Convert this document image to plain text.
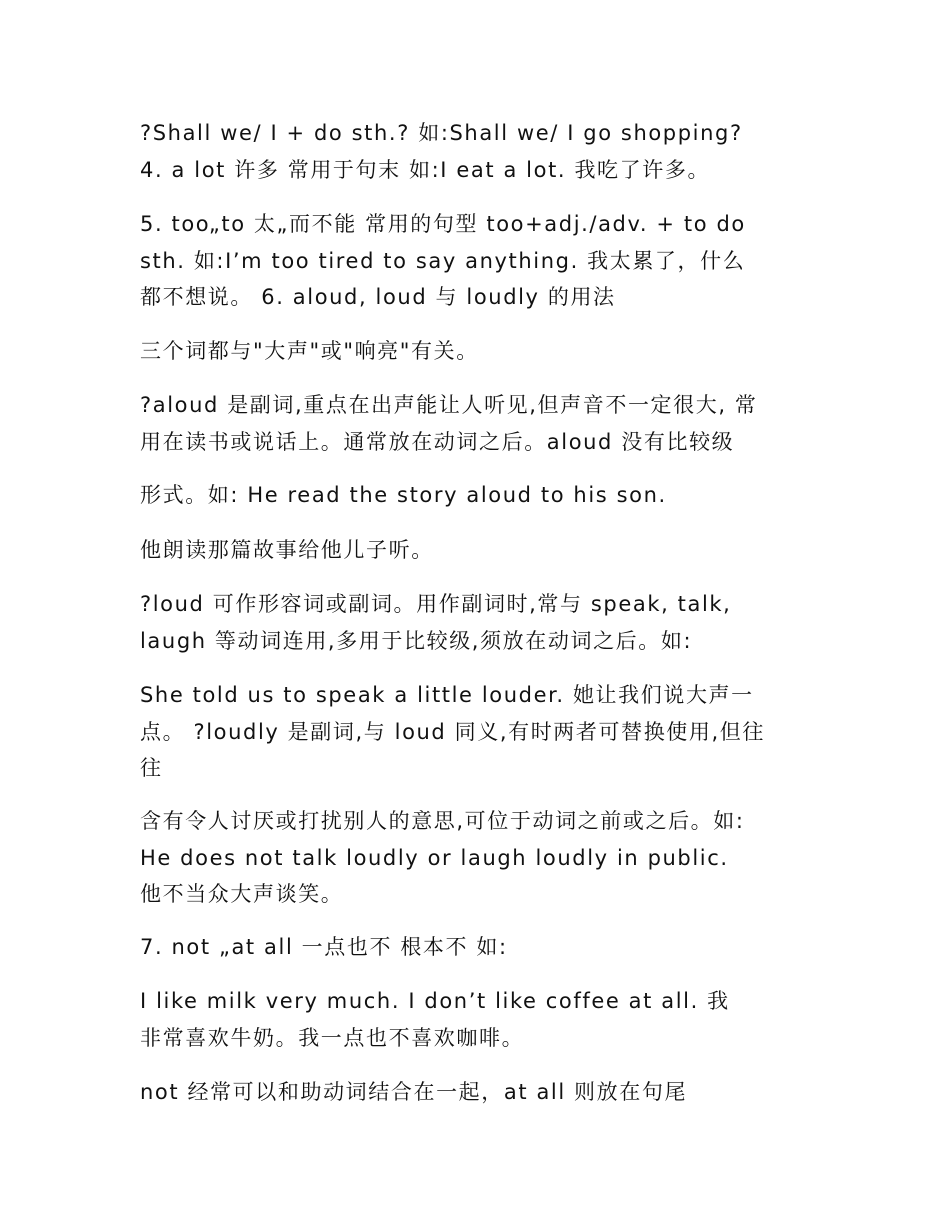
?Shall we/ I + do sth.? 如:Shall we/ I go shopping?
4. a lot 许多 常用于句末 如:I eat a lot. 我吃了许多。

5. too„to 太„而不能 常用的句型 too+adj./adv. + to do
sth. 如:I’m too tired to say anything. 我太累了，什么
都不想说。 6. aloud, loud 与 loudly 的用法

三个词都与"大声"或"响亮"有关。

?aloud 是副词,重点在出声能让人听见,但声音不一定很大, 常
用在读书或说话上。通常放在动词之后。aloud 没有比较级

形式。如: He read the story aloud to his son.

他朗读那篇故事给他儿子听。

?loud 可作形容词或副词。用作副词时,常与 speak, talk,
laugh 等动词连用,多用于比较级,须放在动词之后。如:

She told us to speak a little louder. 她让我们说大声一
点。 ?loudly 是副词,与 loud 同义,有时两者可替换使用,但往
往

含有令人讨厌或打扰别人的意思,可位于动词之前或之后。如:
He does not talk loudly or laugh loudly in public.
他不当众大声谈笑。

7. not „at all 一点也不 根本不 如:

I like milk very much. I don’t like coffee at all. 我
非常喜欢牛奶。我一点也不喜欢咖啡。

not 经常可以和助动词结合在一起，at all 则放在句尾
